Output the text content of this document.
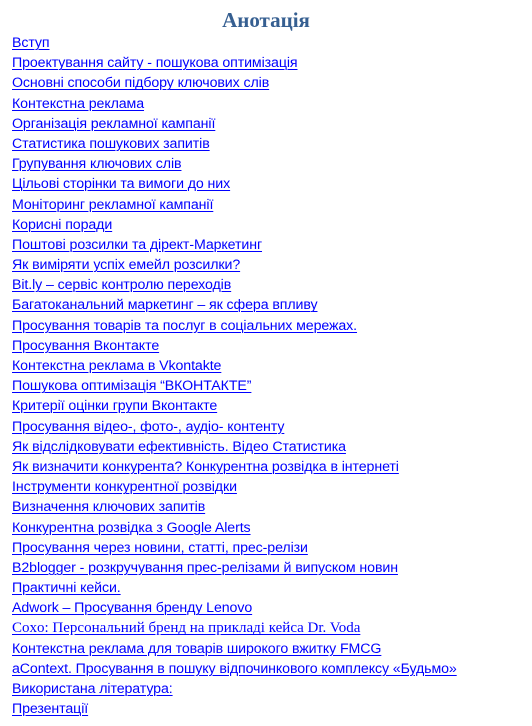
Анотація
Вступ
Проектування сайту - пошукова оптимізація
Основні способи підбору ключових слів
Контекстна реклама
Організація рекламної кампанії
Статистика пошукових запитів
Групування ключових слів
Цільові сторінки та вимоги до них
Моніторинг рекламної кампанії
Корисні поради
Поштові розсилки та дірект-Маркетинг
Як виміряти успіх емейл розсилки?
Bit.ly – сервіс контролю переходів
Багатоканальний маркетинг – як сфера впливу
Просування товарів та послуг в соціальних мережах.
Просування Вконтакте
Контекстна реклама в Vkontakte
Пошукова оптимізація “ВКОНТАКТЕ”
Критерії оцінки групи Вконтакте
Просування відео-, фото-, аудіо- контенту
Як відслідковувати ефективність. Відео Статистика
Як визначити конкурента? Конкурентна розвідка в інтернеті
Інструменти конкурентної розвідки
Визначення ключових запитів
Конкурентна розвідка з Google Alerts
Просування через новини, статті, прес-релізи
B2blogger - розкручування прес-релізами й випуском новин
Практичні кейси.
Adwork – Просування бренду Lenovo
Coxo: Персональний бренд на прикладі кейса Dr. Voda
Контекстна реклама для товарів широкого вжитку FMCG
aContext. Просування в пошуку відпочинкового комплексу «Будьмо»
Використана література:
Презентації
